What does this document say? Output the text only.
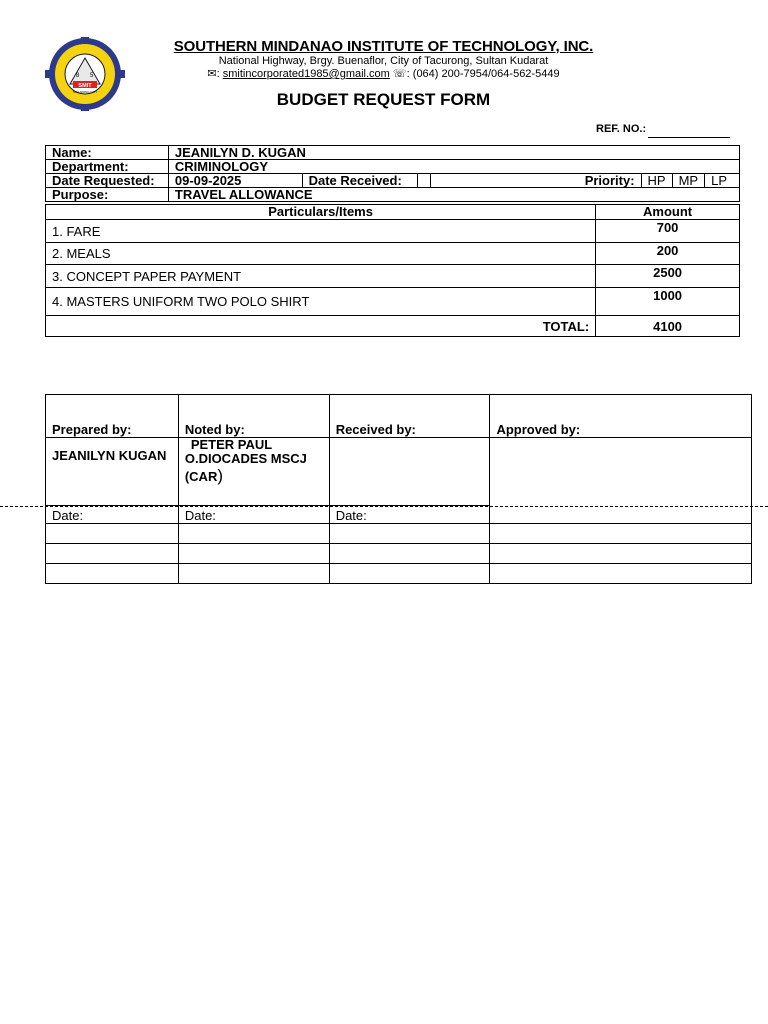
8 5
SMIT
TACURONG CITY
SOUTHERN MINDANAO INSTITUTE OF TECHNOLOGY, INC.
National Highway, Brgy. Buenaflor, City of Tacurong, Sultan Kudarat
✉: smitincorporated1985@gmail.com ☏: (064) 200-7954/064-562-5449
BUDGET REQUEST FORM
REF. NO.:
Name:	JEANILYN D. KUGAN		
Department:	CRIMINOLOGY		
Date Requested:	09-09-2025	Date Received:	Priority: HP MP LP

Purpose:	TRAVEL ALLOWANCE		
Particulars/Items	Amount
1. FARE	700
2. MEALS	200
3. CONCEPT PAPER PAYMENT	2500
4. MASTERS UNIFORM TWO POLO SHIRT	1000
TOTAL:	4100
Prepared by:	Noted by:	Received by:	Approved by:
JEANILYN KUGAN	PETER PAUL
O.DIOCADES MSCJ
(CAR)		

Date:	Date:	Date:	
